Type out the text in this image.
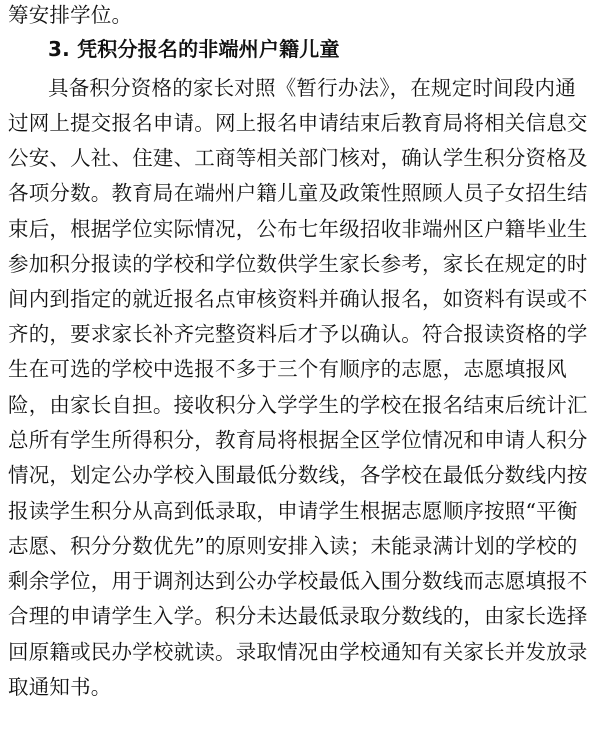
筹安排学位。
3. 凭积分报名的非端州户籍儿童
具备积分资格的家长对照《暂行办法》，在规定时间段内通
过网上提交报名申请。网上报名申请结束后教育局将相关信息交
公安、人社、住建、工商等相关部门核对，确认学生积分资格及
各项分数。教育局在端州户籍儿童及政策性照顾人员子女招生结
束后，根据学位实际情况，公布七年级招收非端州区户籍毕业生
参加积分报读的学校和学位数供学生家长参考，家长在规定的时
间内到指定的就近报名点审核资料并确认报名，如资料有误或不
齐的，要求家长补齐完整资料后才予以确认。符合报读资格的学
生在可选的学校中选报不多于三个有顺序的志愿，志愿填报风
险，由家长自担。接收积分入学学生的学校在报名结束后统计汇
总所有学生所得积分，教育局将根据全区学位情况和申请人积分
情况，划定公办学校入围最低分数线，各学校在最低分数线内按
报读学生积分从高到低录取，申请学生根据志愿顺序按照“平衡
志愿、积分分数优先”的原则安排入读；未能录满计划的学校的
剩余学位，用于调剂达到公办学校最低入围分数线而志愿填报不
合理的申请学生入学。积分未达最低录取分数线的，由家长选择
回原籍或民办学校就读。录取情况由学校通知有关家长并发放录
取通知书。
